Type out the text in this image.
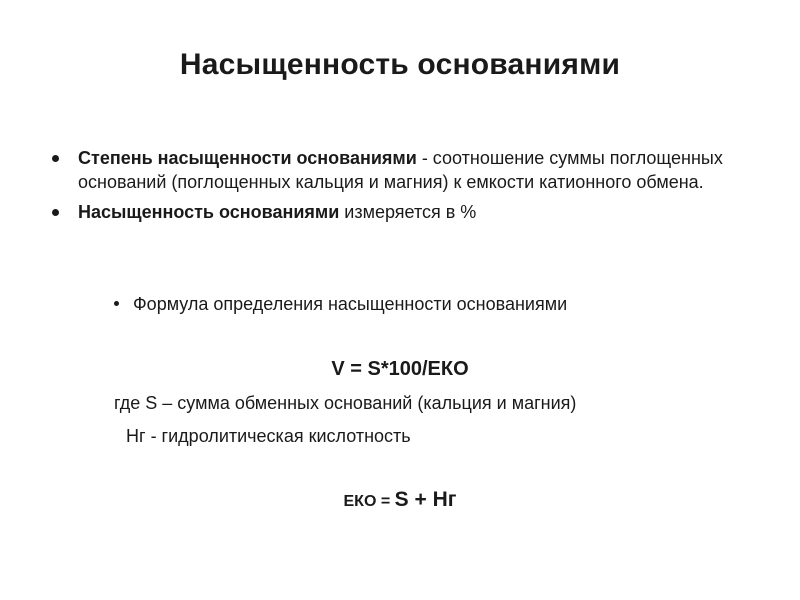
Насыщенность основаниями
Степень насыщенности основаниями - соотношение суммы поглощенных оснований (поглощенных кальция и магния) к емкости катионного обмена.
Насыщенность основаниями измеряется в %
Формула определения насыщенности основаниями
V = S*100/ЕКО
где S – сумма обменных оснований (кальция и магния)
Нг - гидролитическая кислотность
ЕКО = S + Нг
